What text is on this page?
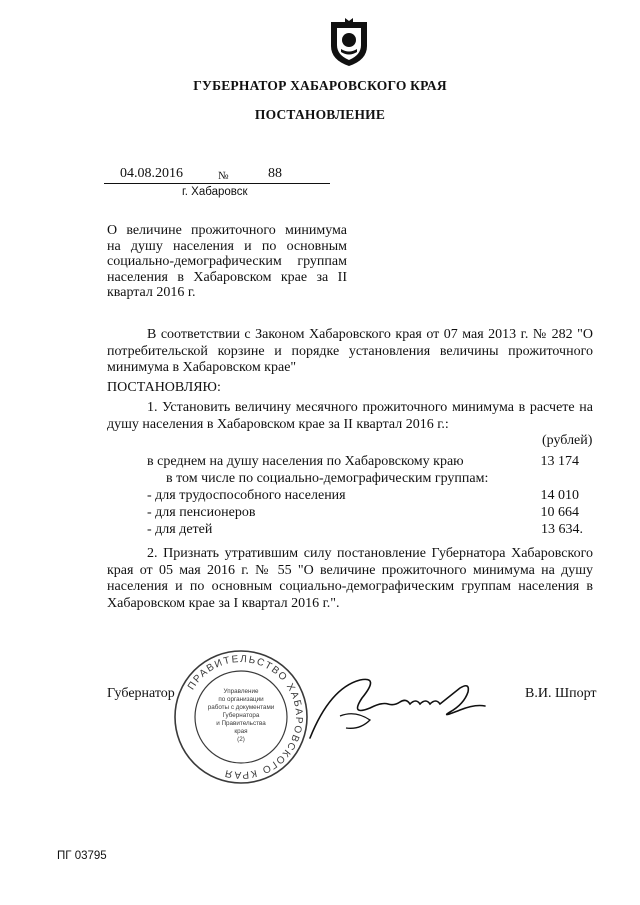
ГУБЕРНАТОР ХАБАРОВСКОГО КРАЯ
ПОСТАНОВЛЕНИЕ
04.08.2016	№	88
г. Хабаровск
О величине прожиточного минимума на душу населения и по основным социально-демографическим группам населения в Хабаровском крае за II квартал 2016 г.
В соответствии с Законом Хабаровского края от 07 мая 2013 г. № 282 "О потребительской корзине и порядке установления величины прожиточного минимума в Хабаровском крае"
ПОСТАНОВЛЯЮ:
1. Установить величину месячного прожиточного минимума в расчете на душу населения в Хабаровском крае за II квартал 2016 г.:
(рублей)
в среднем на душу населения по Хабаровскому краю	13 174
в том числе по социально-демографическим группам:
- для трудоспособного населения	14 010
- для пенсионеров	10 664
- для детей	13 634.
2. Признать утратившим силу постановление Губернатора Хабаровского края от 05 мая 2016 г. № 55 "О величине прожиточного минимума на душу населения и по основным социально-демографическим группам населения в Хабаровском крае за I квартал 2016 г.".
Губернатор	В.И. Шпорт
ПРАВИТЕЛЬСТВО ХАБАРОВСКОГО КРАЯ
Управление
по организации
работы с документами
Губернатора
и Правительства
края
(2)
ПГ 03795
